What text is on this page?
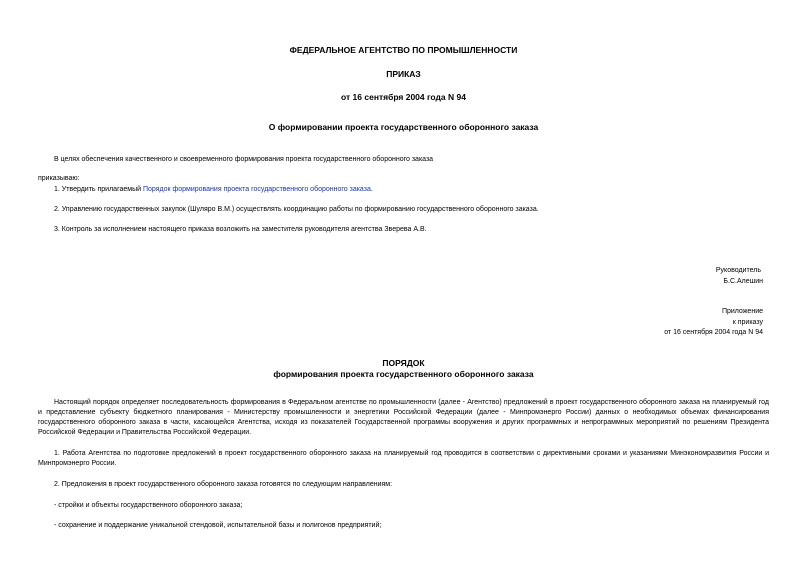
ФЕДЕРАЛЬНОЕ АГЕНТСТВО ПО ПРОМЫШЛЕННОСТИ
ПРИКАЗ
от 16 сентября 2004 года N 94
О формировании проекта государственного оборонного заказа
В целях обеспечения качественного и своевременного формирования проекта государственного оборонного заказа
приказываю:
1. Утвердить прилагаемый Порядок формирования проекта государственного оборонного заказа.
2. Управлению государственных закупок (Шуляро В.М.) осуществлять координацию работы по формированию государственного оборонного заказа.
3. Контроль за исполнением настоящего приказа возложить на заместителя руководителя агентства Зверева А.В.
Руководитель
Б.С.Алешин
Приложение
к приказу
от 16 сентября 2004 года N 94
ПОРЯДОК
формирования проекта государственного оборонного заказа
Настоящий порядок определяет последовательность формирования в Федеральном агентстве по промышленности (далее - Агентство) предложений в проект государственного оборонного заказа на планируемый год и представление субъекту бюджетного планирования - Министерству промышленности и энергетики Российской Федерации (далее - Минпромэнерго России) данных о необходимых объемах финансирования государственного оборонного заказа в части, касающейся Агентства, исходя из показателей Государственной программы вооружения и других программных и непрограммных мероприятий по решениям Президента Российской Федерации и Правительства Российской Федерации.
1. Работа Агентства по подготовке предложений в проект государственного оборонного заказа на планируемый год проводится в соответствии с директивными сроками и указаниями Минэкономразвития России и Минпромэнерго России.
2. Предложения в проект государственного оборонного заказа готовятся по следующим направлениям:
- стройки и объекты государственного оборонного заказа;
- сохранение и поддержание уникальной стендовой, испытательной базы и полигонов предприятий;
